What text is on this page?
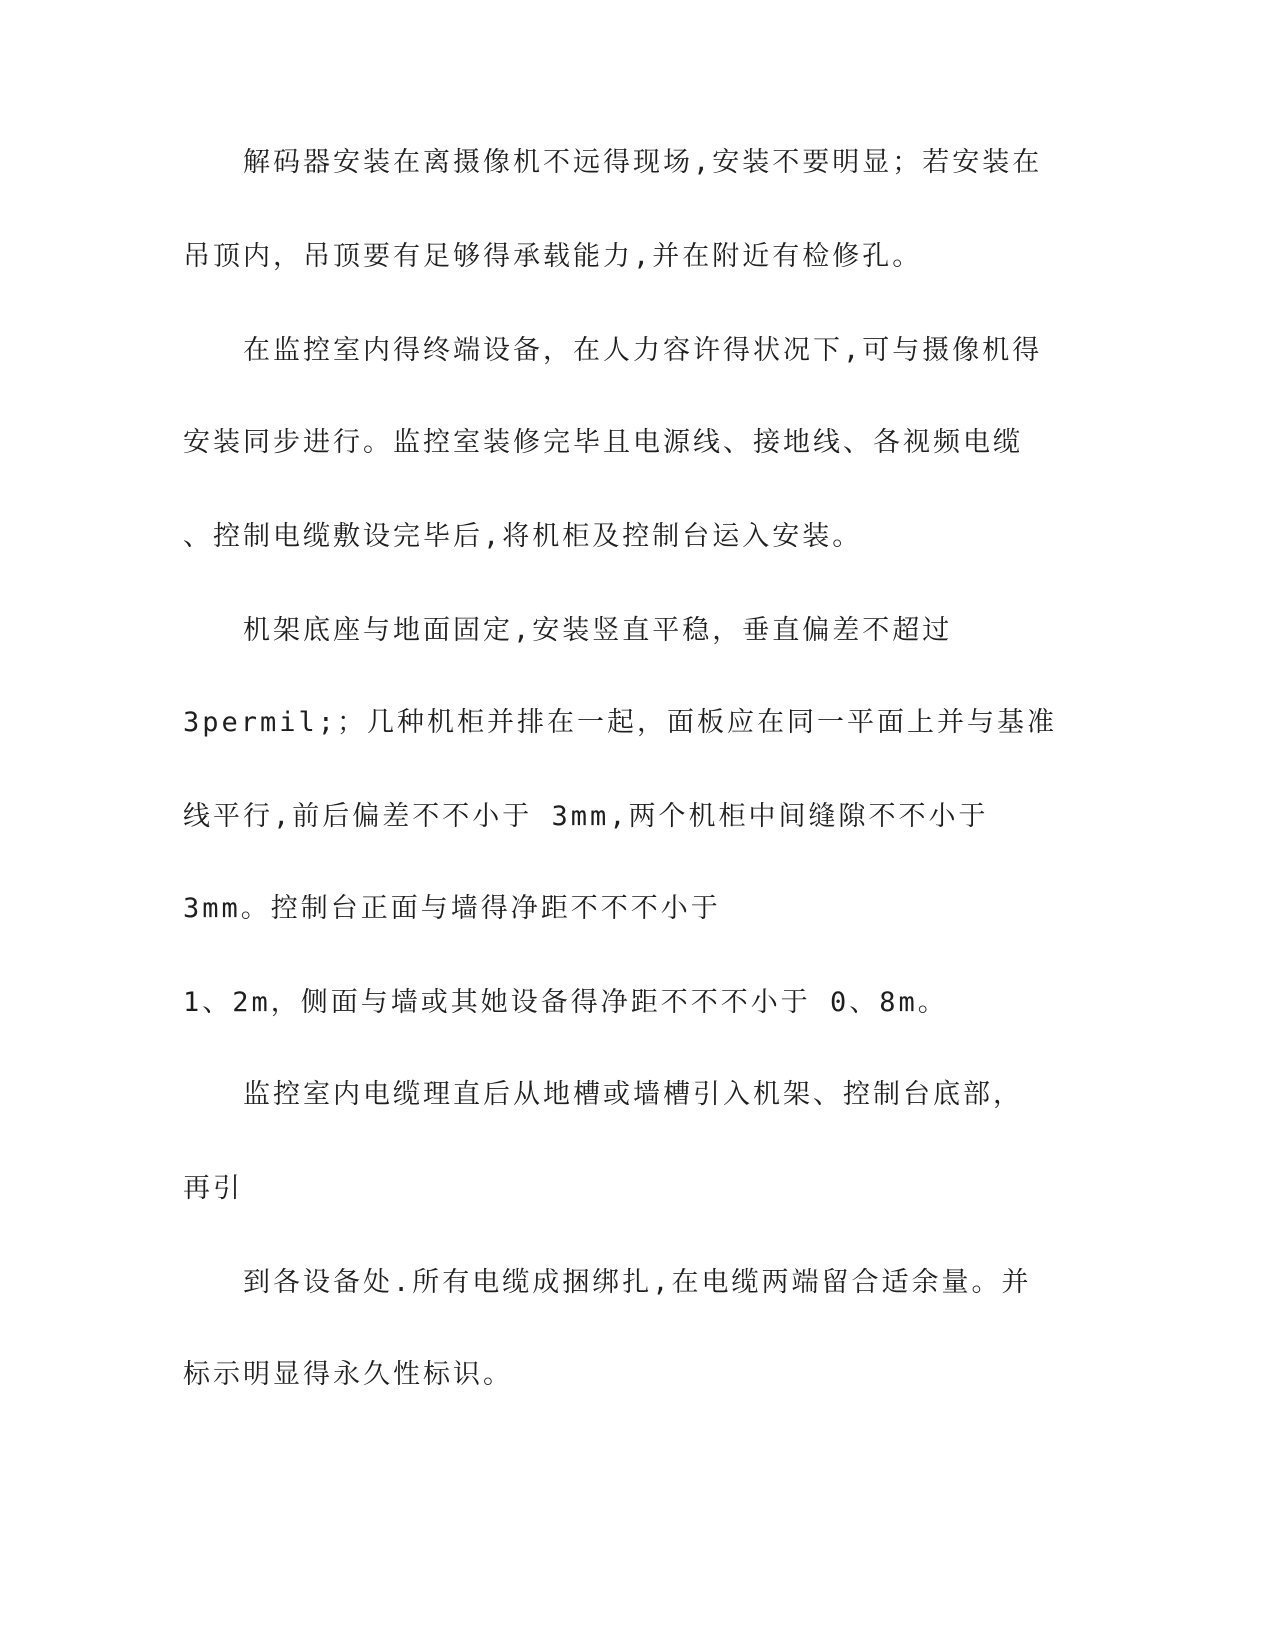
解码器安装在离摄像机不远得现场,安装不要明显；若安装在
吊顶内，吊顶要有足够得承载能力,并在附近有检修孔。
在监控室内得终端设备，在人力容许得状况下,可与摄像机得
安装同步进行。监控室装修完毕且电源线、接地线、各视频电缆
、控制电缆敷设完毕后,将机柜及控制台运入安装。
机架底座与地面固定,安装竖直平稳，垂直偏差不超过
3permil;；几种机柜并排在一起，面板应在同一平面上并与基准
线平行,前后偏差不不小于 3mm,两个机柜中间缝隙不不小于
3mm。控制台正面与墙得净距不不不小于
1、2m，侧面与墙或其她设备得净距不不不小于 0、8m。
监控室内电缆理直后从地槽或墙槽引入机架、控制台底部，
再引
到各设备处.所有电缆成捆绑扎,在电缆两端留合适余量。并
标示明显得永久性标识。
